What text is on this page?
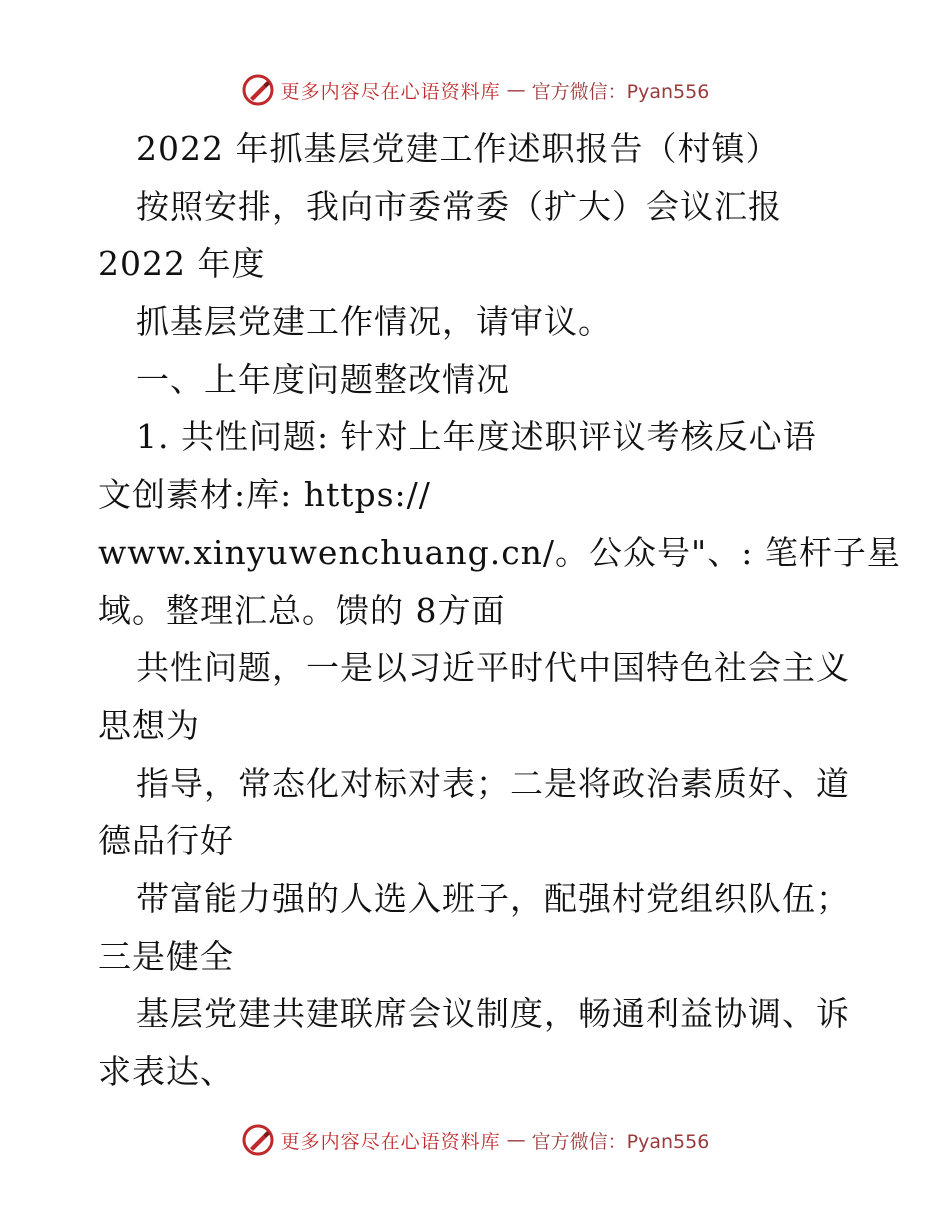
更多内容尽在心语资料库 — 官方微信：Pyan556
2022 年抓基层党建工作述职报告（村镇）
按照安排，我向市委常委（扩大）会议汇报
2022 年度
抓基层党建工作情况，请审议。
一、上年度问题整改情况
1. 共性问题: 针对上年度述职评议考核反心语
文创素材:库: https://
www.xinyuwenchuang.cn/。公众号"、: 笔杆子星
域。整理汇总。馈的 8方面
共性问题，一是以习近平时代中国特色社会主义
思想为
指导，常态化对标对表；二是将政治素质好、道
德品行好
带富能力强的人选入班子，配强村党组织队伍；
三是健全
基层党建共建联席会议制度，畅通利益协调、诉
求表达、
更多内容尽在心语资料库 — 官方微信：Pyan556
